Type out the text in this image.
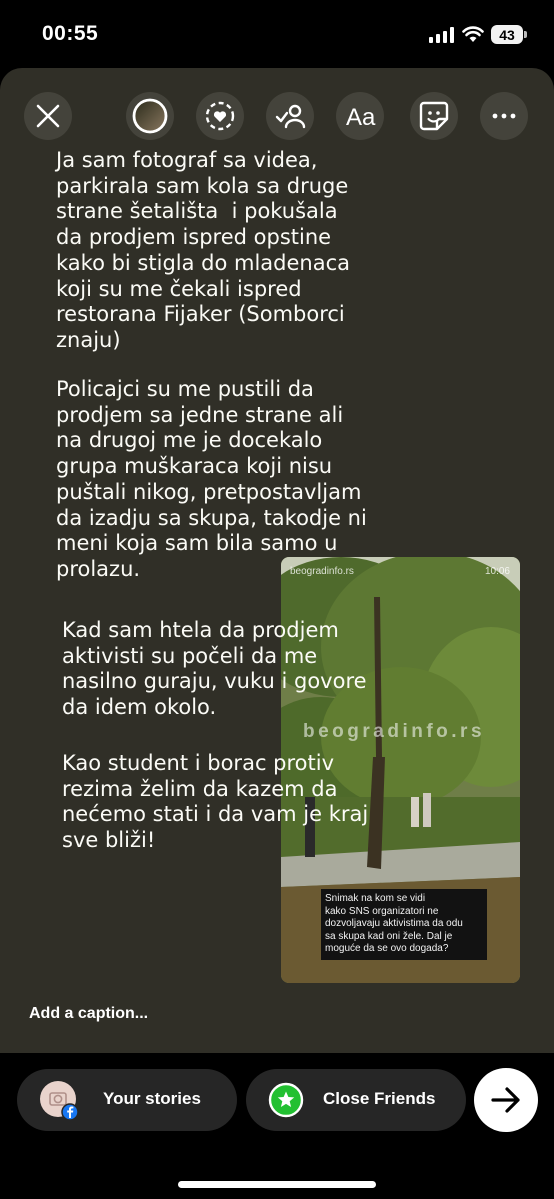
00:55	43
Aa
Ja sam fotograf sa videa,
parkirala sam kola sa druge
strane šetališta  i pokušala
da prodjem ispred opstine
kako bi stigla do mladenaca
koji su me čekali ispred
restorana Fijaker (Somborci
znaju)
Policajci su me pustili da
prodjem sa jedne strane ali
na drugoj me je docekalo
grupa muškaraca koji nisu
puštali nikog, pretpostavljam
da izadju sa skupa, takodje ni
meni koja sam bila samo u
prolazu.	beogradinfo.rs	10:06
beogradinfo.rs
Snimak na kom se vidi
kako SNS organizatori ne
dozvoljavaju aktivistima da odu
sa skupa kad oni žele. Dal je
moguće da se ovo dogada?
Kad sam htela da prodjem
aktivisti su počeli da me
nasilno guraju, vuku i govore
da idem okolo.
Kao student i borac protiv
rezima želim da kazem da
nećemo stati i da vam je kraj
sve bliži!
Add a caption...
Your stories	Close Friends
